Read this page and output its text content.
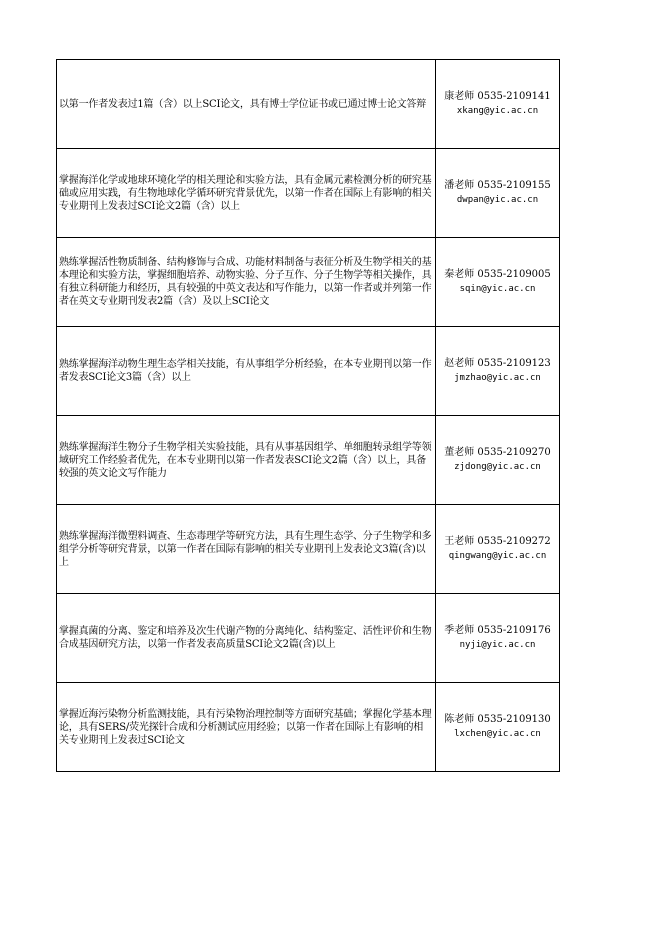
以第一作者发表过1篇（含）以上SCI论文，具有博士学位证书或已通过博士论文答辩	康老师 0535-2109141
xkang@yic.ac.cn

掌握海洋化学或地球环境化学的相关理论和实验方法，具有金属元素检测分析的研究基础或应用实践，有生物地球化学循环研究背景优先，以第一作者在国际上有影响的相关专业期刊上发表过SCI论文2篇（含）以上	潘老师 0535-2109155
dwpan@yic.ac.cn

熟练掌握活性物质制备、结构修饰与合成、功能材料制备与表征分析及生物学相关的基本理论和实验方法，掌握细胞培养、动物实验、分子互作、分子生物学等相关操作，具有独立科研能力和经历，具有较强的中英文表达和写作能力，以第一作者或并列第一作者在英文专业期刊发表2篇（含）及以上SCI论文	秦老师 0535-2109005
sqin@yic.ac.cn

熟练掌握海洋动物生理生态学相关技能，有从事组学分析经验，在本专业期刊以第一作者发表SCI论文3篇（含）以上	赵老师 0535-2109123
jmzhao@yic.ac.cn

熟练掌握海洋生物分子生物学相关实验技能，具有从事基因组学、单细胞转录组学等领域研究工作经验者优先，在本专业期刊以第一作者发表SCI论文2篇（含）以上，具备较强的英文论文写作能力	董老师 0535-2109270
zjdong@yic.ac.cn

熟练掌握海洋微塑料调查、生态毒理学等研究方法，具有生理生态学、分子生物学和多组学分析等研究背景，以第一作者在国际有影响的相关专业期刊上发表论文3篇(含)以上	王老师 0535-2109272
qingwang@yic.ac.cn

掌握真菌的分离、鉴定和培养及次生代谢产物的分离纯化、结构鉴定、活性评价和生物合成基因研究方法，以第一作者发表高质量SCI论文2篇(含)以上	季老师 0535-2109176
nyji@yic.ac.cn

掌握近海污染物分析监测技能，具有污染物治理控制等方面研究基础；掌握化学基本理论，具有SERS/荧光探针合成和分析测试应用经验；以第一作者在国际上有影响的相关专业期刊上发表过SCI论文	陈老师 0535-2109130
lxchen@yic.ac.cn
